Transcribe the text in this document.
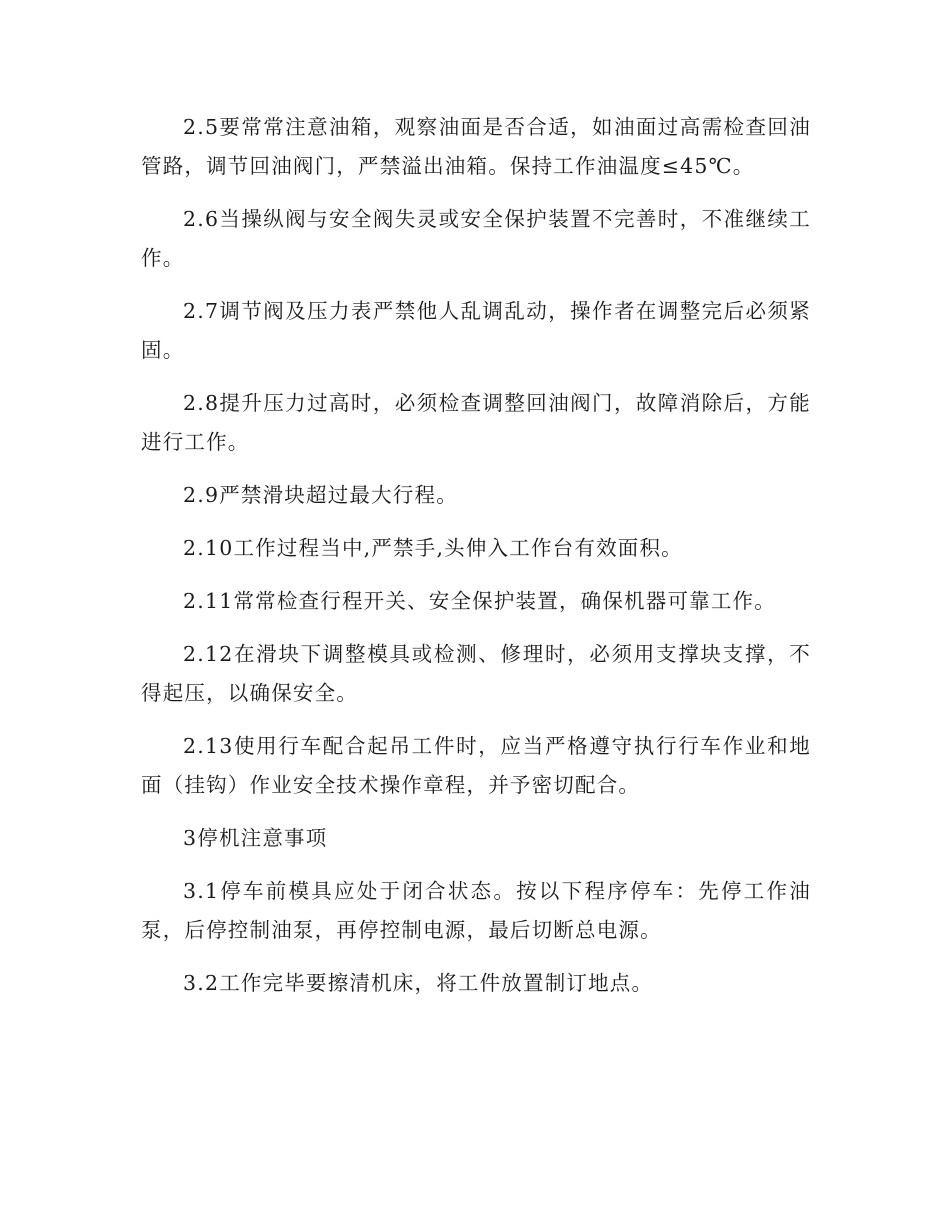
2.5要常常注意油箱，观察油面是否合适，如油面过高需检查回油管路，调节回油阀门，严禁溢出油箱。保持工作油温度≤45℃。

2.6当操纵阀与安全阀失灵或安全保护装置不完善时，不准继续工作。

2.7调节阀及压力表严禁他人乱调乱动，操作者在调整完后必须紧固。

2.8提升压力过高时，必须检查调整回油阀门，故障消除后，方能进行工作。

2.9严禁滑块超过最大行程。

2.10工作过程当中,严禁手,头伸入工作台有效面积。

2.11常常检查行程开关、安全保护装置，确保机器可靠工作。

2.12在滑块下调整模具或检测、修理时，必须用支撑块支撑，不得起压，以确保安全。

2.13使用行车配合起吊工件时，应当严格遵守执行行车作业和地面（挂钩）作业安全技术操作章程，并予密切配合。

3停机注意事项

3.1停车前模具应处于闭合状态。按以下程序停车：先停工作油泵，后停控制油泵，再停控制电源，最后切断总电源。

3.2工作完毕要擦清机床，将工件放置制订地点。
